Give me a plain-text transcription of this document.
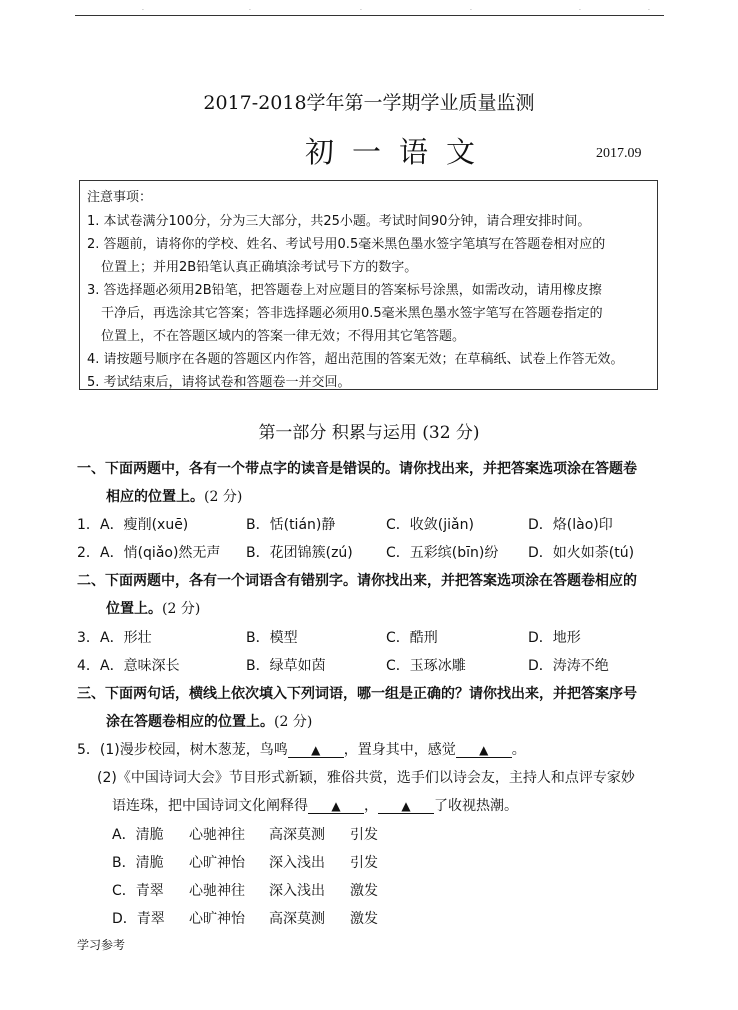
.	.	.	.	.	.
2017-2018学年第一学期学业质量监测
初一语文	2017.09
注意事项：
1. 本试卷满分100分，分为三大部分，共25小题。考试时间90分钟，请合理安排时间。
2. 答题前，请将你的学校、姓名、考试号用0.5毫米黑色墨水签字笔填写在答题卷相对应的
位置上；并用2B铅笔认真正确填涂考试号下方的数字。
3. 答选择题必须用2B铅笔，把答题卷上对应题目的答案标号涂黑，如需改动，请用橡皮擦
干净后，再选涂其它答案；答非选择题必须用0.5毫米黑色墨水签字笔写在答题卷指定的
位置上，不在答题区域内的答案一律无效；不得用其它笔答题。
4. 请按题号顺序在各题的答题区内作答，超出范围的答案无效；在草稿纸、试卷上作答无效。
5. 考试结束后，请将试卷和答题卷一并交回。
第一部分 积累与运用 (32 分)
一、下面两题中，各有一个带点字的读音是错误的。请你找出来，并把答案选项涂在答题卷
相应的位置上。(2 分)
1． A．瘦削(xuē)	B．恬(tián)静	C．收敛(jiǎn)	D．烙(lào)印
2． A．悄(qiǎo)然无声 B．花团锦簇(zú) C．五彩缤(bīn)纷 D．如火如荼(tú)
二、下面两题中，各有一个词语含有错别字。请你找出来，并把答案选项涂在答题卷相应的
位置上。(2 分)
3． A．形壮	B．模型	C．酷刑	D．地形
4． A．意味深长	B．绿草如茵	C．玉琢冰雕	D．涛涛不绝
三、下面两句话，横线上依次填入下列词语，哪一组是正确的？请你找出来，并把答案序号
涂在答题卷相应的位置上。(2 分)
5．(1)漫步校园，树木葱茏，鸟鸣 ▲ ，置身其中，感觉 ▲ 。
(2)《中国诗词大会》节目形式新颖，雅俗共赏，选手们以诗会友，主持人和点评专家妙
语连珠，把中国诗词文化阐释得 ▲ ， ▲ 了收视热潮。
A．清脆 心驰神往 高深莫测 引发
B．清脆 心旷神怡 深入浅出 引发
C．青翠 心驰神往 深入浅出 激发
D．青翠 心旷神怡 高深莫测 激发
学习参考
